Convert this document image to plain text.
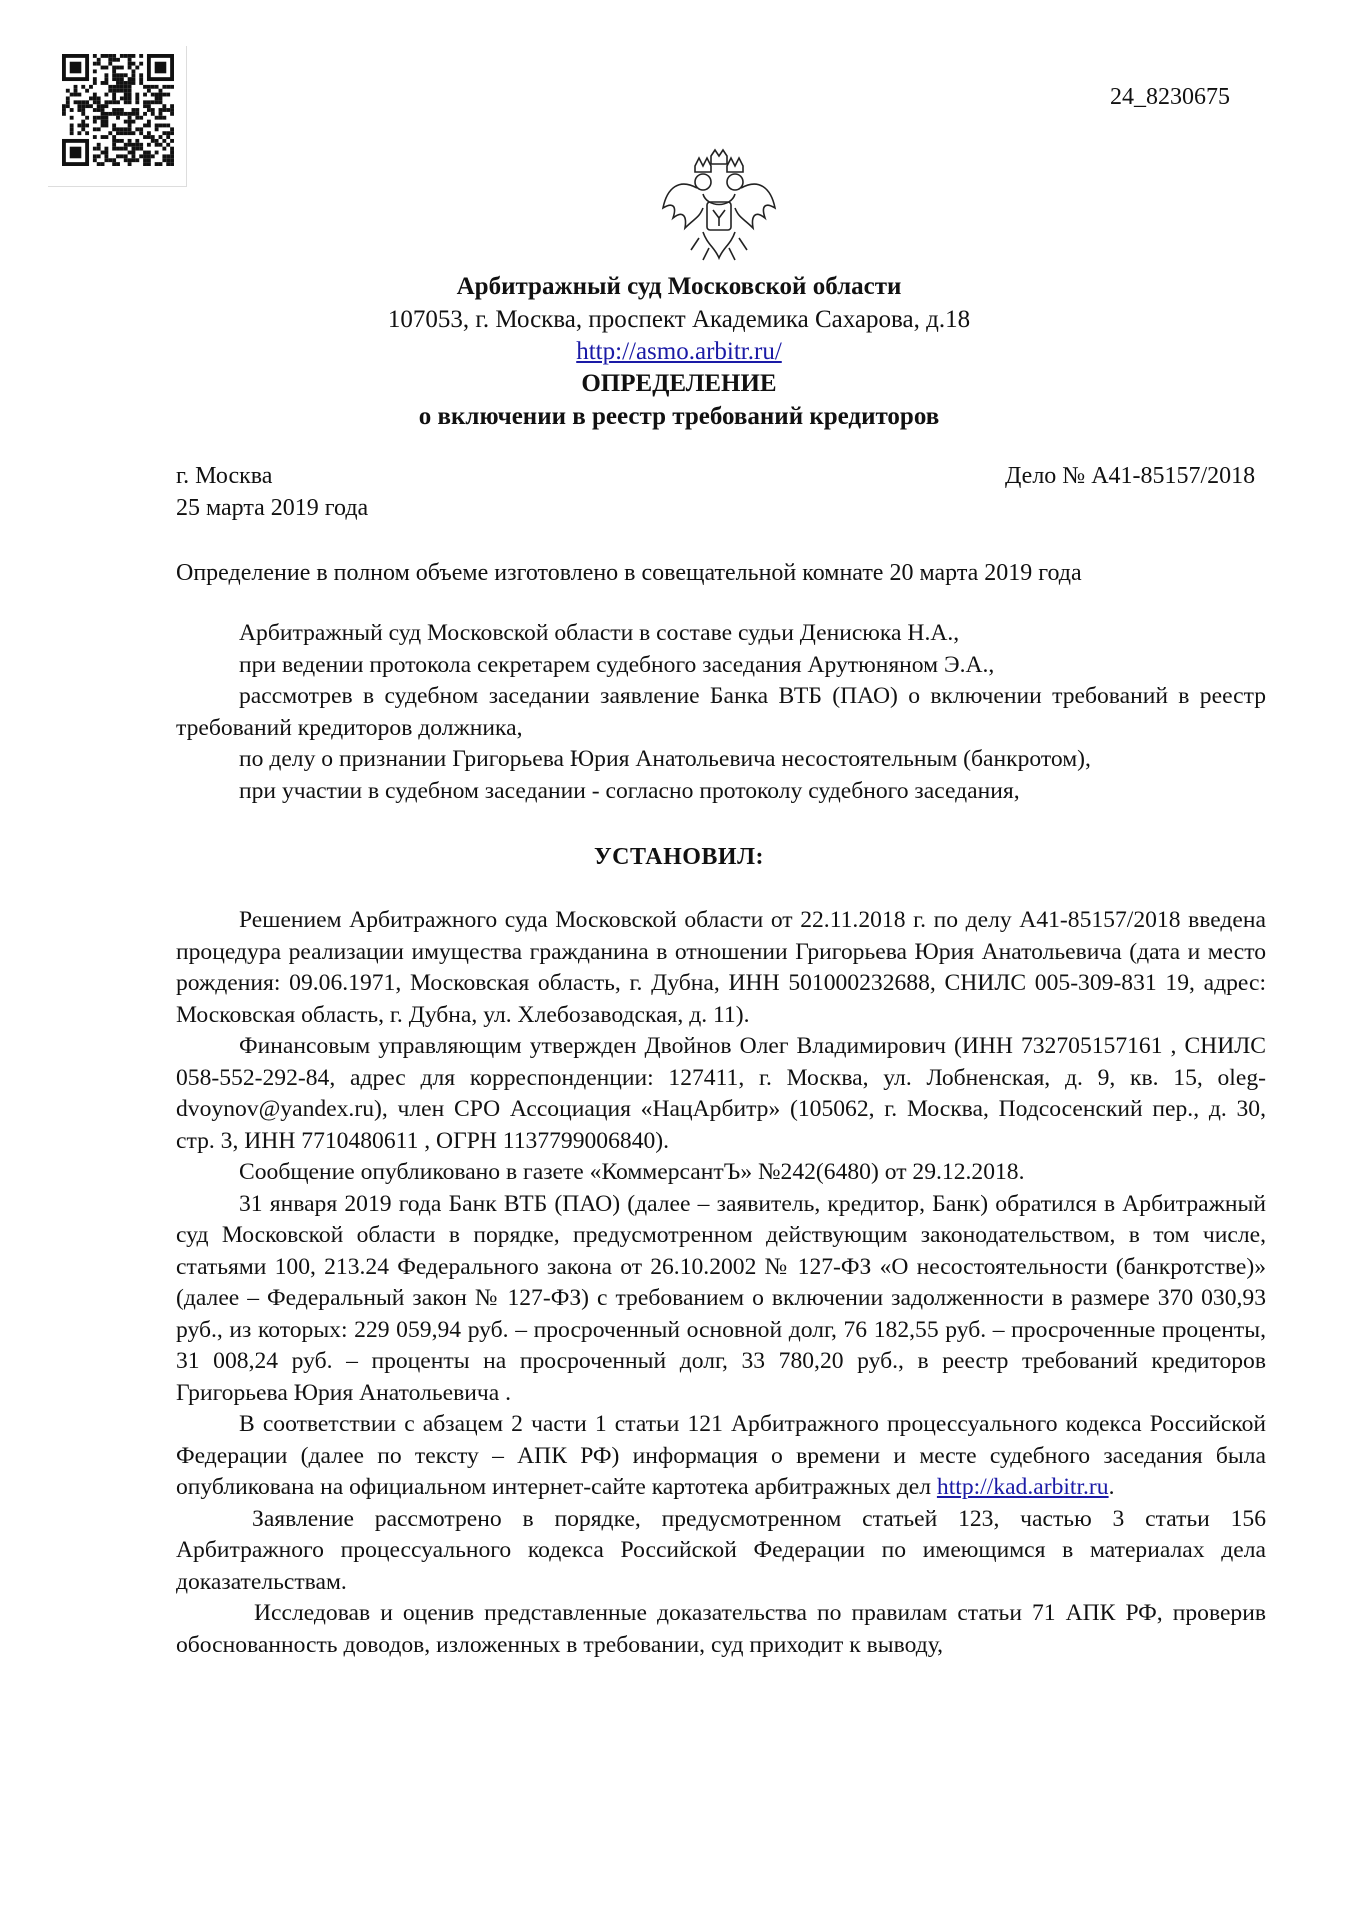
24_8230675
Арбитражный суд Московской области
107053, г. Москва, проспект Академика Сахарова, д.18
http://asmo.arbitr.ru/
ОПРЕДЕЛЕНИЕ
о включении в реестр требований кредиторов
г. Москва	Дело № А41-85157/2018
25 марта 2019 года
Определение в полном объеме изготовлено в совещательной комнате 20 марта 2019 года

Арбитражный суд Московской области в составе судьи Денисюка Н.А.,

при ведении протокола секретарем судебного заседания Арутюняном Э.А.,

рассмотрев в судебном заседании заявление Банка ВТБ (ПАО) о включении требований в реестр требований кредиторов должника,

по делу о признании Григорьева Юрия Анатольевича несостоятельным (банкротом),

при участии в судебном заседании - согласно протоколу судебного заседания,

УСТАНОВИЛ:

Решением Арбитражного суда Московской области от 22.11.2018 г. по делу А41-85157/2018 введена процедура реализации имущества гражданина в отношении Григорьева Юрия Анатольевича (дата и место рождения: 09.06.1971, Московская область, г. Дубна, ИНН 501000232688, СНИЛС 005-309-831 19, адрес: Московская область, г. Дубна, ул. Хлебозаводская, д. 11).

Финансовым управляющим утвержден Двойнов Олег Владимирович (ИНН 732705157161 , СНИЛС 058-552-292-84, адрес для корреспонденции: 127411, г. Москва, ул. Лобненская, д. 9, кв. 15, oleg-dvoynov@yandex.ru), член СРО Ассоциация «НацАрбитр» (105062, г. Москва, Подсосенский пер., д. 30, стр. 3, ИНН 7710480611 , ОГРН 1137799006840).

Сообщение опубликовано в газете «КоммерсантЪ» №242(6480) от 29.12.2018.

31 января 2019 года Банк ВТБ (ПАО) (далее – заявитель, кредитор, Банк) обратился в Арбитражный суд Московской области в порядке, предусмотренном действующим законодательством, в том числе, статьями 100, 213.24 Федерального закона от 26.10.2002 № 127-ФЗ «О несостоятельности (банкротстве)» (далее – Федеральный закон № 127-ФЗ) с требованием о включении задолженности в размере 370 030,93 руб., из которых: 229 059,94 руб. – просроченный основной долг, 76 182,55 руб. – просроченные проценты, 31 008,24 руб. – проценты на просроченный долг, 33 780,20 руб., в реестр требований кредиторов Григорьева Юрия Анатольевича .

В соответствии с абзацем 2 части 1 статьи 121 Арбитражного процессуального кодекса Российской Федерации (далее по тексту – АПК РФ) информация о времени и месте судебного заседания была опубликована на официальном интернет-сайте картотека арбитражных дел http://kad.arbitr.ru.

Заявление рассмотрено в порядке, предусмотренном статьей 123, частью 3 статьи 156 Арбитражного процессуального кодекса Российской Федерации по имеющимся в материалах дела доказательствам.

Исследовав и оценив представленные доказательства по правилам статьи 71 АПК РФ, проверив обоснованность доводов, изложенных в требовании, суд приходит к выводу,
